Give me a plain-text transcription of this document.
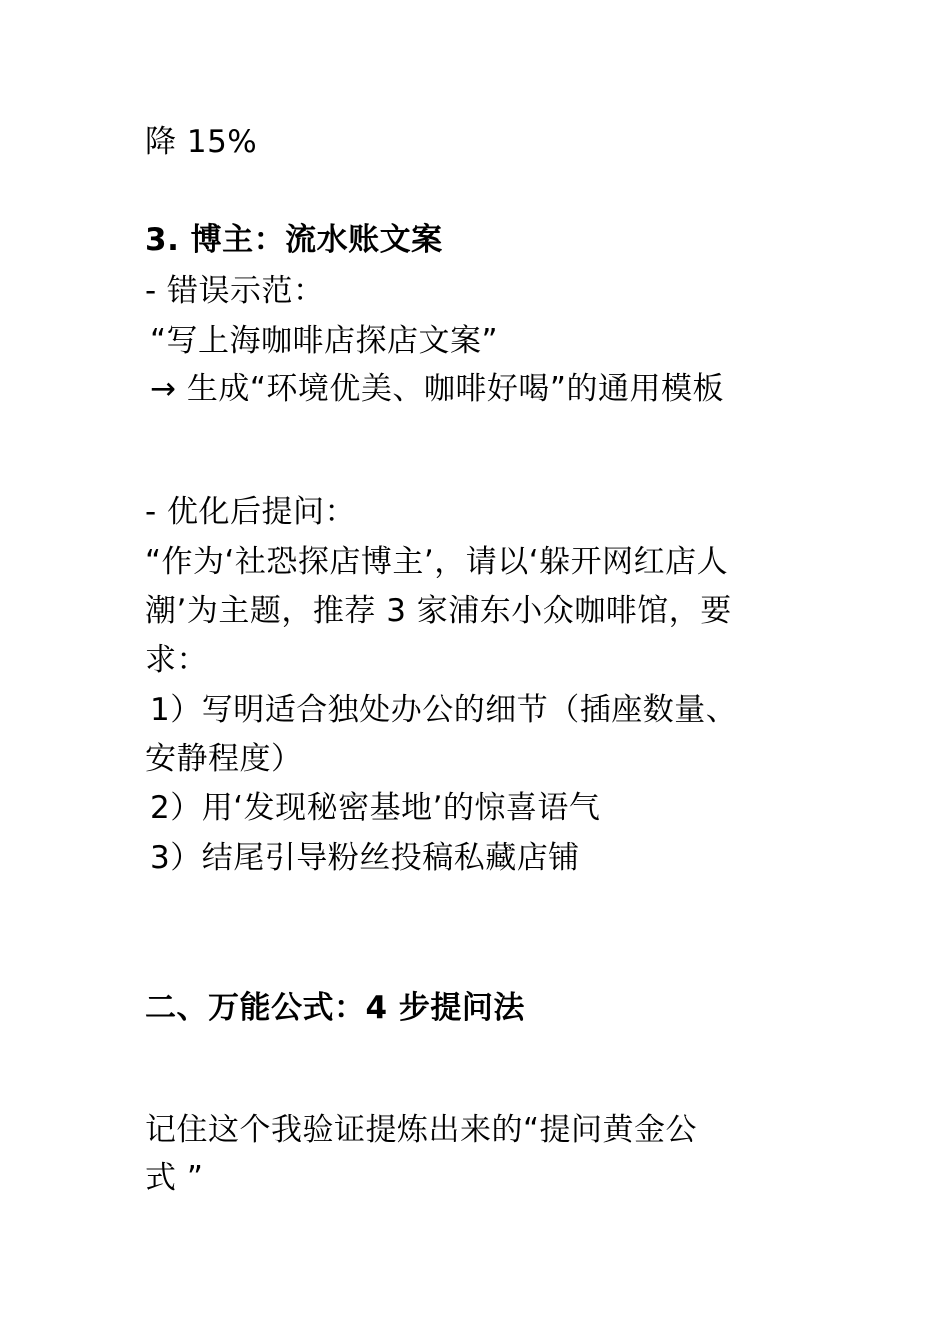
降 15%
3. 博主：流水账文案
- 错误示范：
“写上海咖啡店探店文案”
→ 生成“环境优美、咖啡好喝”的通用模板
- 优化后提问：
“作为‘社恐探店博主’，请以‘躲开网红店人
潮’为主题，推荐 3 家浦东小众咖啡馆，要
求：
1）写明适合独处办公的细节（插座数量、
安静程度）
2）用‘发现秘密基地’的惊喜语气
3）结尾引导粉丝投稿私藏店铺
二、万能公式：4 步提问法
记住这个我验证提炼出来的“提问黄金公
式 ”
